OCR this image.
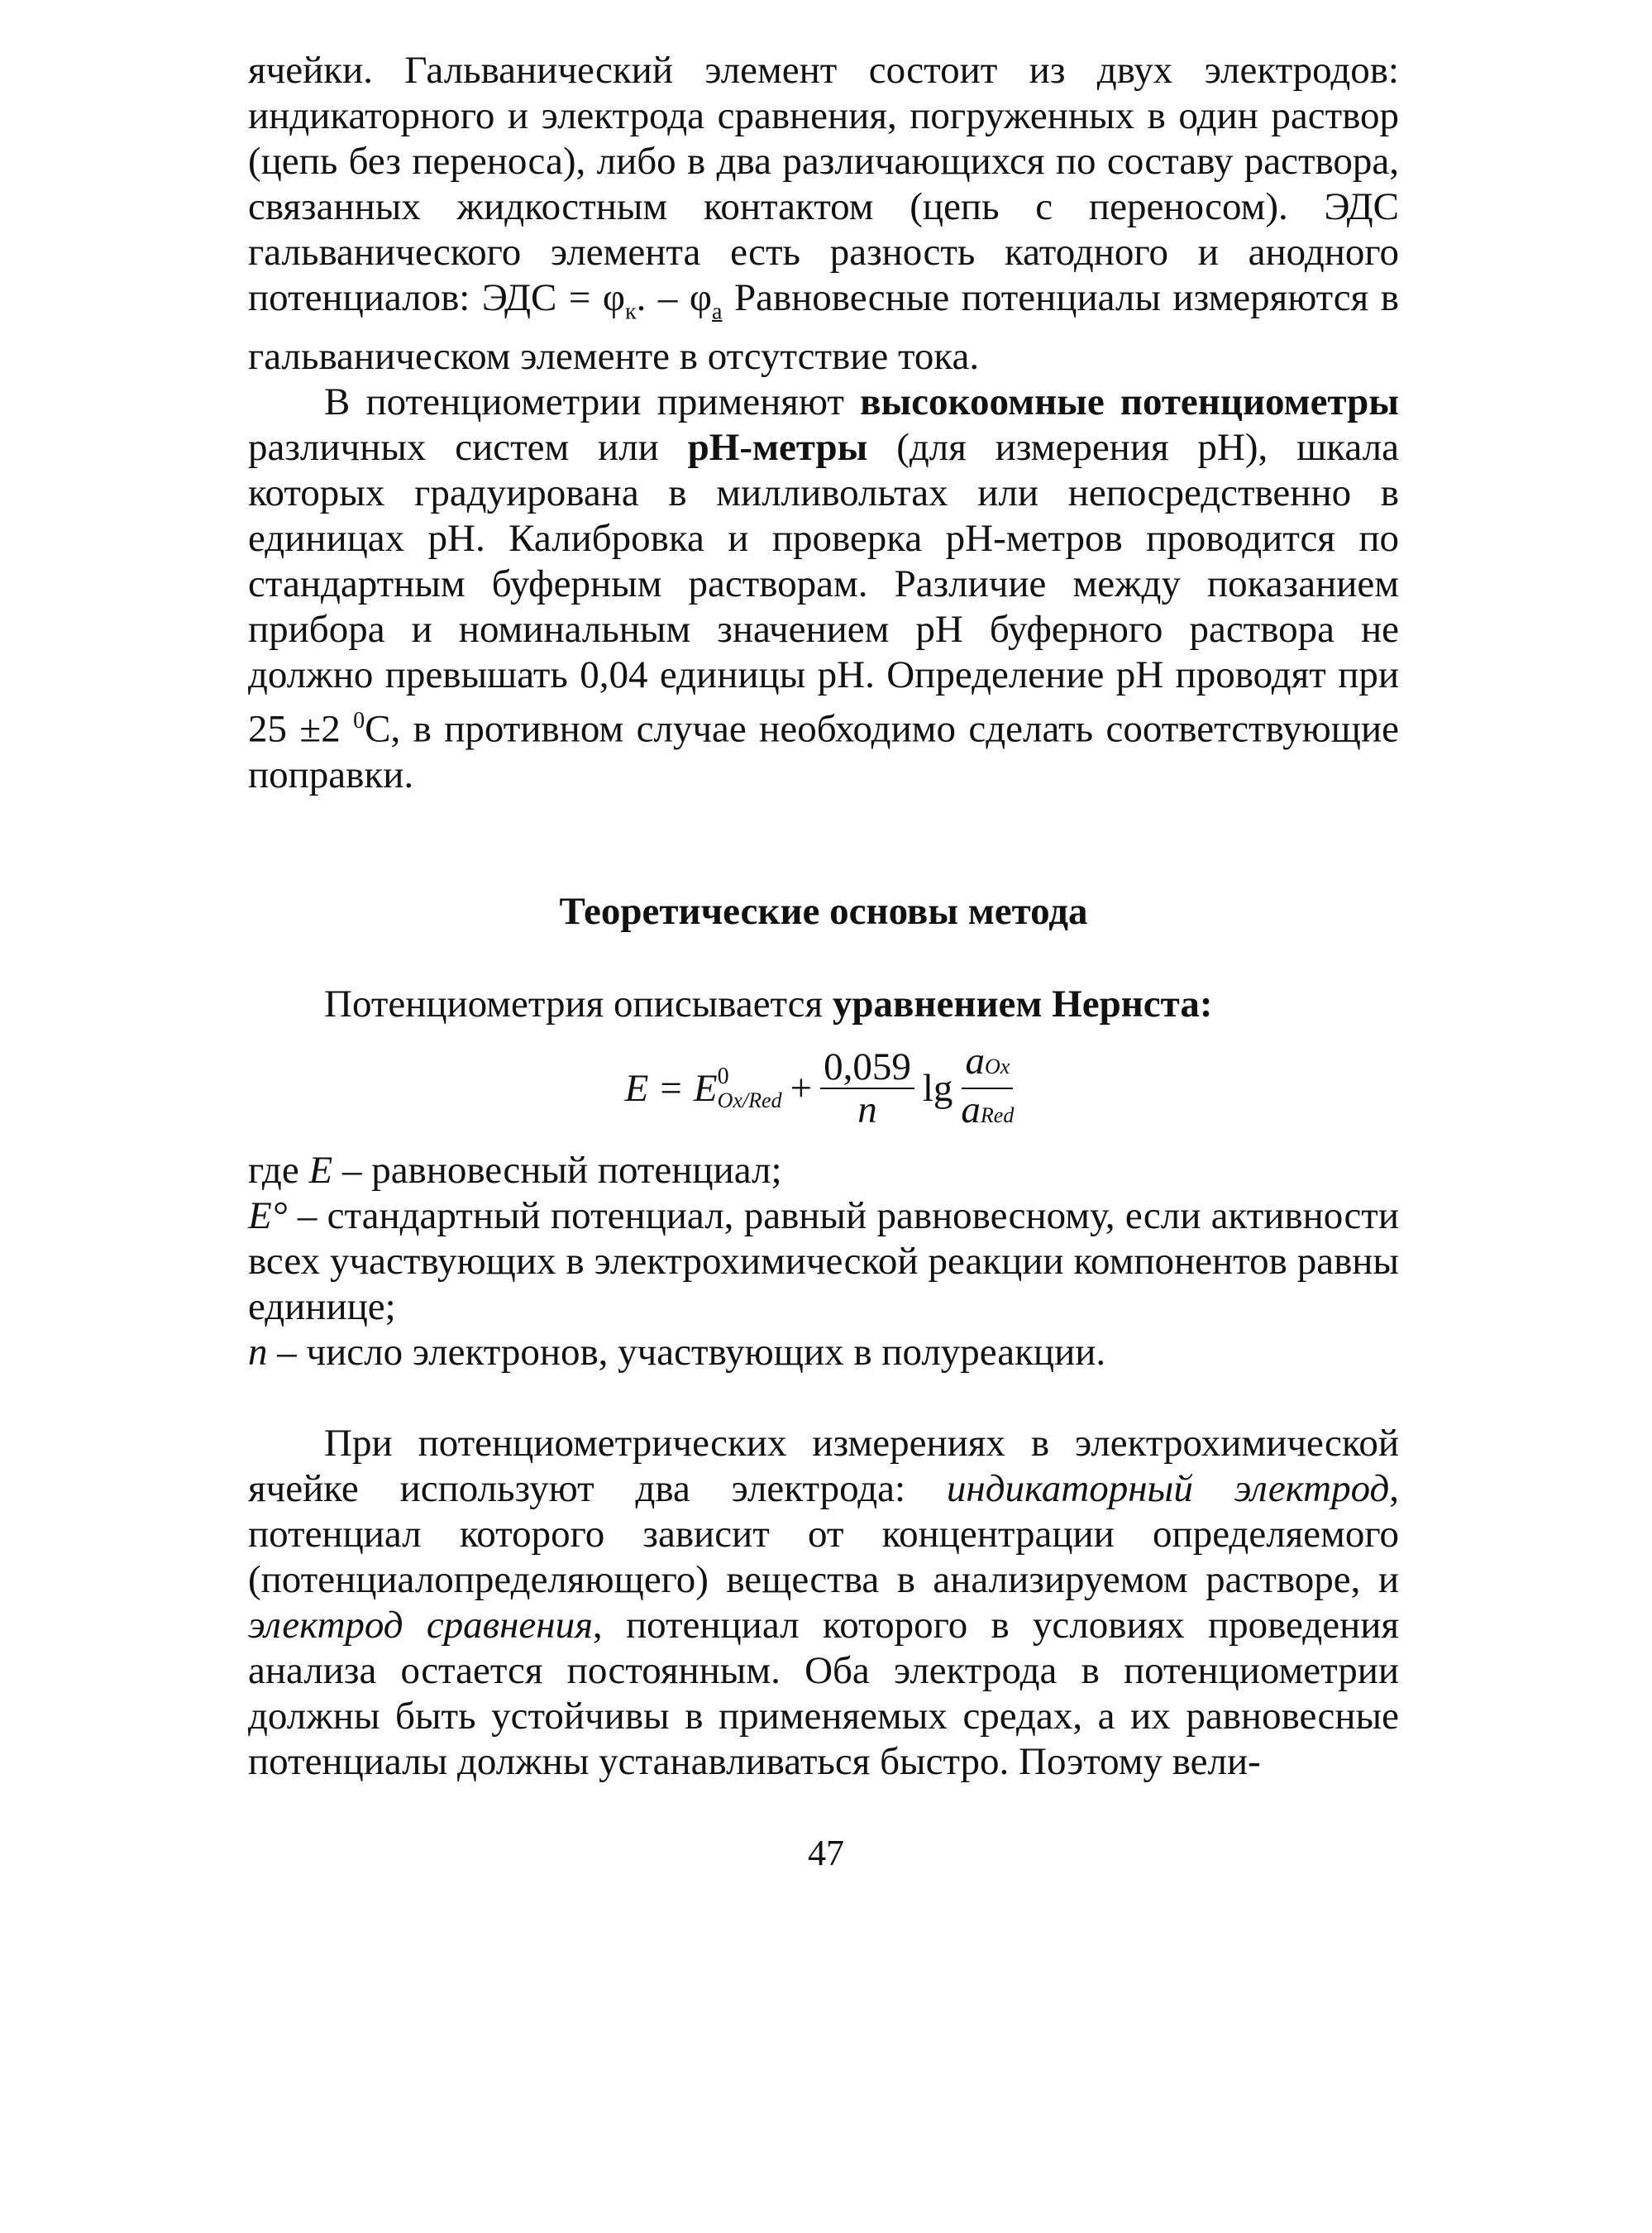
ячейки. Гальванический элемент состоит из двух электродов: индикаторного и электрода сравнения, погруженных в один раствор (цепь без переноса), либо в два различающихся по составу раствора, связанных жидкостным контактом (цепь с переносом). ЭДС гальванического элемента есть разность катодного и анодного потенциалов: ЭДС = $\varphi_к$. – $\varphi_а$ Равновесные потенциалы измеряются в гальваническом элементе в отсутствие тока.

В потенциометрии применяют высокоомные потенциометры различных систем или pH-метры (для измерения pH), шкала которых градуирована в милливольтах или непосредственно в единицах pH. Калибровка и проверка pH-метров проводится по стандартным буферным растворам. Различие между показанием прибора и номинальным значением pH буферного раствора не должно превышать 0,04 единицы pH. Определение pH проводят при 25 ±2 $^0$С, в противном случае необходимо сделать соответствующие поправки.

Теоретические основы метода

Потенциометрия описывается уравнением Нернста:

E = E 0
$Ox/Red + \frac{0,059}{n}$ $\lg \frac{\text{aOx}}{\text{aRed}}$

где E – равновесный потенциал;

E° – стандартный потенциал, равный равновесному, если активности всех участвующих в электрохимической реакции компонентов равны единице;

n – число электронов, участвующих в полуреакции.

При потенциометрических измерениях в электрохимической ячейке используют два электрода: индикаторный электрод, потенциал которого зависит от концентрации определяемого (потенциалопределяющего) вещества в анализируемом растворе, и электрод сравнения, потенциал которого в условиях проведения анализа остается постоянным. Оба электрода в потенциометрии должны быть устойчивы в применяемых средах, а их равновесные потенциалы должны устанавливаться быстро. Поэтому вели-

47
